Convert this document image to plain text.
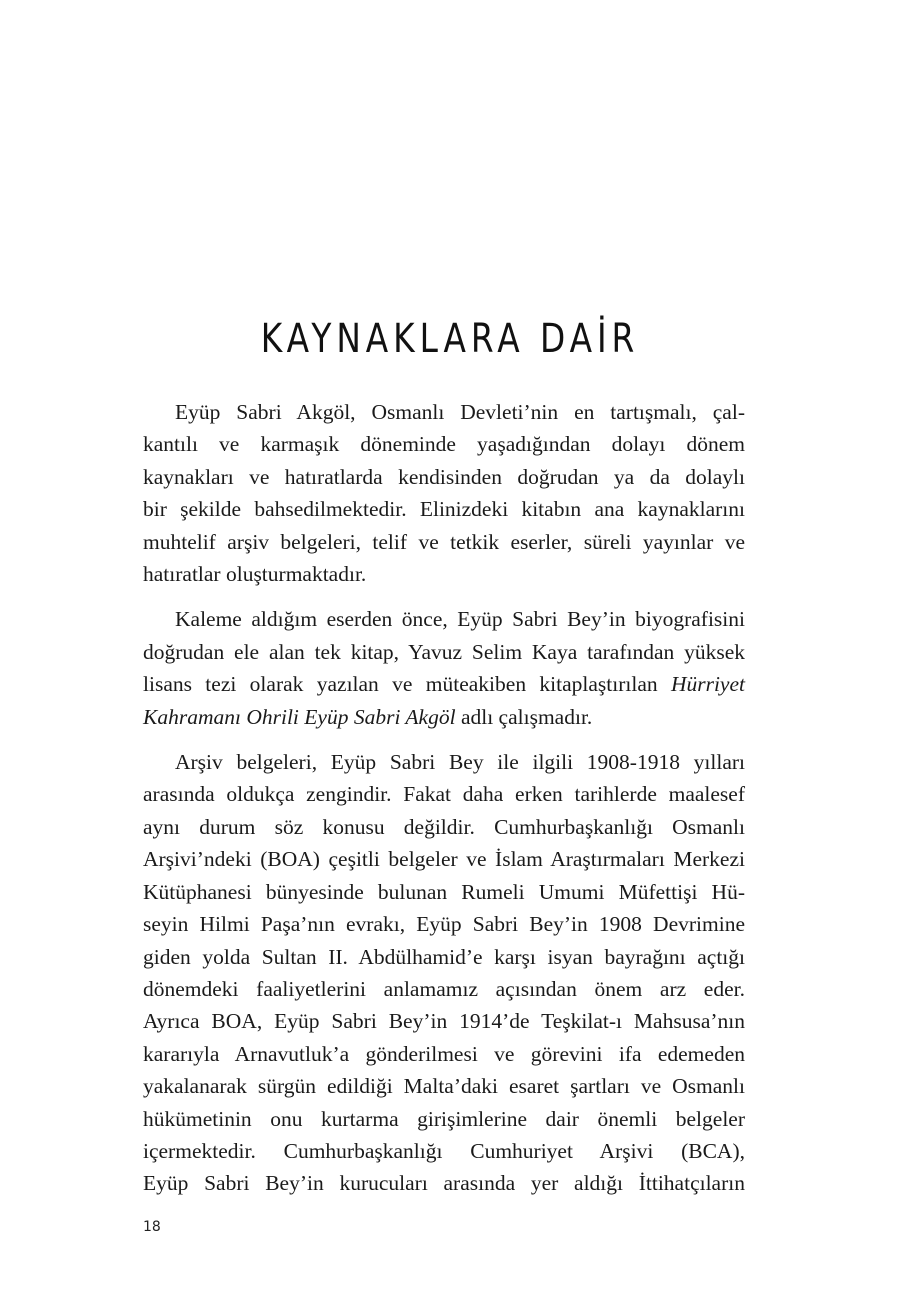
KAYNAKLARA DAİR
Eyüp Sabri Akgöl, Osmanlı Devleti’nin en tartışmalı, çal-
kantılı ve karmaşık döneminde yaşadığından dolayı dönem
kaynakları ve hatıratlarda kendisinden doğrudan ya da dolaylı
bir şekilde bahsedilmektedir. Elinizdeki kitabın ana kaynaklarını
muhtelif arşiv belgeleri, telif ve tetkik eserler, süreli yayınlar ve
hatıratlar oluşturmaktadır.
Kaleme aldığım eserden önce, Eyüp Sabri Bey’in biyografisini
doğrudan ele alan tek kitap, Yavuz Selim Kaya tarafından yüksek
lisans tezi olarak yazılan ve müteakiben kitaplaştırılan Hürriyet
Kahramanı Ohrili Eyüp Sabri Akgöl adlı çalışmadır.
Arşiv belgeleri, Eyüp Sabri Bey ile ilgili 1908-1918 yılları
arasında oldukça zengindir. Fakat daha erken tarihlerde maalesef
aynı durum söz konusu değildir. Cumhurbaşkanlığı Osmanlı
Arşivi’ndeki (BOA) çeşitli belgeler ve İslam Araştırmaları Merkezi
Kütüphanesi bünyesinde bulunan Rumeli Umumi Müfettişi Hü-
seyin Hilmi Paşa’nın evrakı, Eyüp Sabri Bey’in 1908 Devrimine
giden yolda Sultan II. Abdülhamid’e karşı isyan bayrağını açtığı
dönemdeki faaliyetlerini anlamamız açısından önem arz eder.
Ayrıca BOA, Eyüp Sabri Bey’in 1914’de Teşkilat-ı Mahsusa’nın
kararıyla Arnavutluk’a gönderilmesi ve görevini ifa edemeden
yakalanarak sürgün edildiği Malta’daki esaret şartları ve Osmanlı
hükümetinin onu kurtarma girişimlerine dair önemli belgeler
içermektedir. Cumhurbaşkanlığı Cumhuriyet Arşivi (BCA),
Eyüp Sabri Bey’in kurucuları arasında yer aldığı İttihatçıların
18
